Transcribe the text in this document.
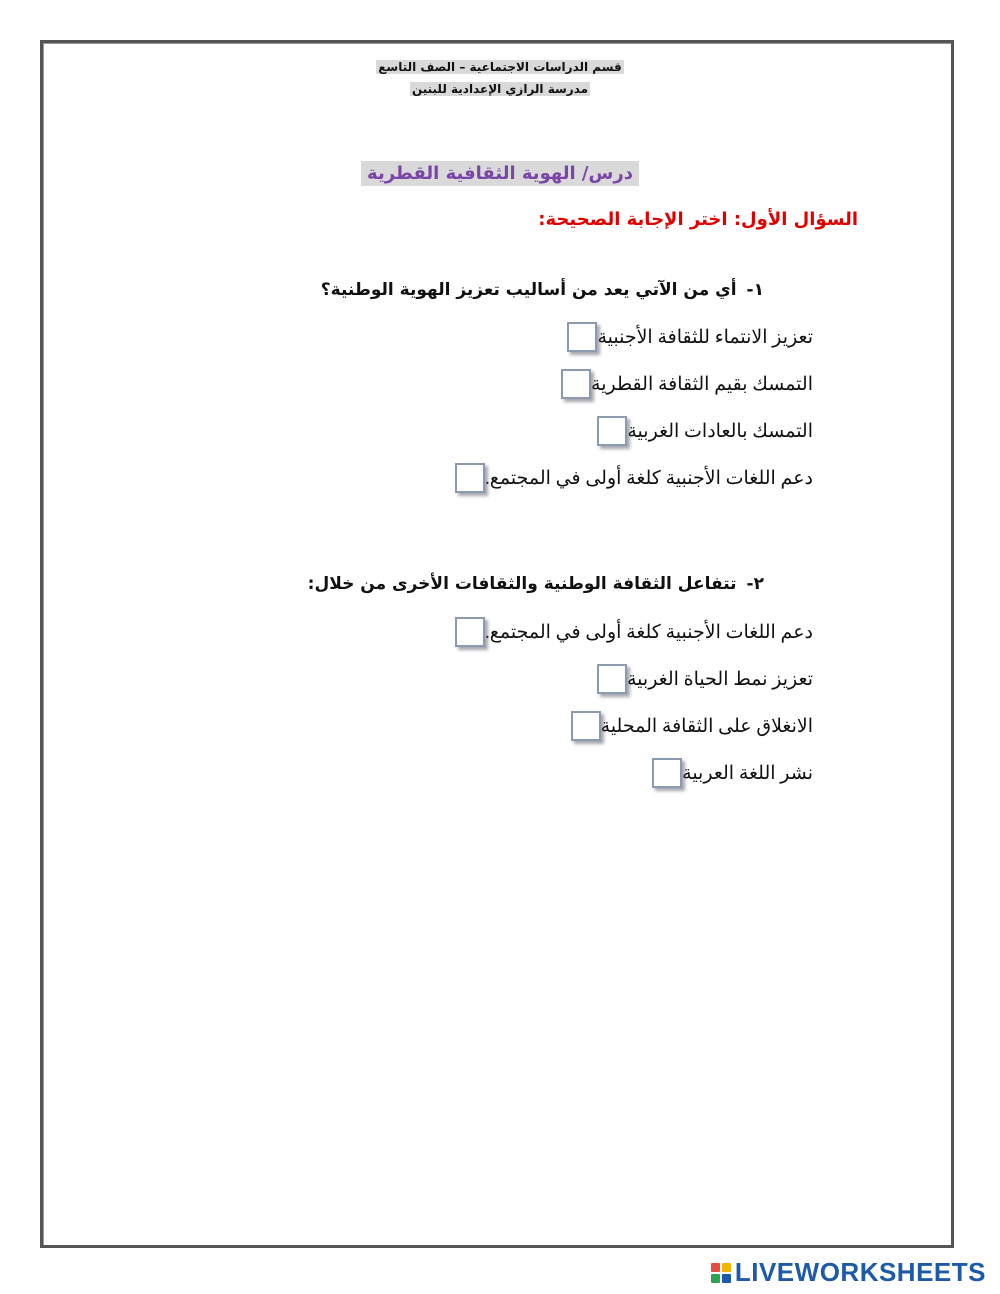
قسم الدراسات الاجتماعية – الصف التاسع
مدرسة الرازي الإعدادية للبنين
درس/ الهوية الثقافية القطرية
السؤال الأول: اختر الإجابة الصحيحة:
١-أي من الآتي يعد من أساليب تعزيز الهوية الوطنية؟
تعزيز الانتماء للثقافة الأجنبية
التمسك بقيم الثقافة القطرية
التمسك بالعادات الغربية
دعم اللغات الأجنبية كلغة أولى في المجتمع.
٢-تتفاعل الثقافة الوطنية والثقافات الأخرى من خلال:
دعم اللغات الأجنبية كلغة أولى في المجتمع.
تعزيز نمط الحياة الغربية
الانغلاق على الثقافة المحلية
نشر اللغة العربية
LIVEWORKSHEETS
